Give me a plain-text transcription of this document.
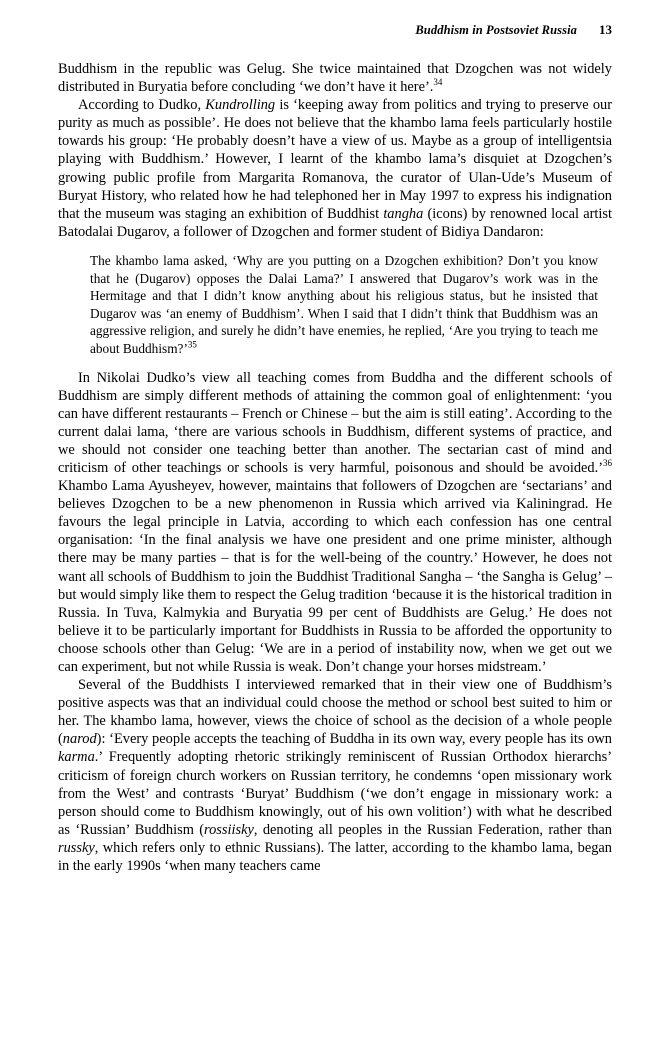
Buddhism in Postsoviet Russia 13

Buddhism in the republic was Gelug. She twice maintained that Dzogchen was not widely distributed in Buryatia before concluding ‘we don’t have it here’.$^{34}$

According to Dudko, Kundrolling is ‘keeping away from politics and trying to preserve our purity as much as possible’. He does not believe that the khambo lama feels particularly hostile towards his group: ‘He probably doesn’t have a view of us. Maybe as a group of intelligentsia playing with Buddhism.’ However, I learnt of the khambo lama’s disquiet at Dzogchen’s growing public profile from Margarita Romanova, the curator of Ulan-Ude’s Museum of Buryat History, who related how he had telephoned her in May 1997 to express his indignation that the museum was staging an exhibition of Buddhist tangha (icons) by renowned local artist Batodalai Dugarov, a follower of Dzogchen and former student of Bidiya Dandaron:

The khambo lama asked, ‘Why are you putting on a Dzogchen exhibition? Don’t you know that he (Dugarov) opposes the Dalai Lama?’ I answered that Dugarov’s work was in the Hermitage and that I didn’t know anything about his religious status, but he insisted that Dugarov was ‘an enemy of Buddhism’. When I said that I didn’t think that Buddhism was an aggressive religion, and surely he didn’t have enemies, he replied, ‘Are you trying to teach me about Buddhism?’$^{35}$

In Nikolai Dudko’s view all teaching comes from Buddha and the different schools of Buddhism are simply different methods of attaining the common goal of enlightenment: ‘you can have different restaurants – French or Chinese – but the aim is still eating’. According to the current dalai lama, ‘there are various schools in Buddhism, different systems of practice, and we should not consider one teaching better than another. The sectarian cast of mind and criticism of other teachings or schools is very harmful, poisonous and should be avoided.’$^{36}$ Khambo Lama Ayusheyev, however, maintains that followers of Dzogchen are ‘sectarians’ and believes Dzogchen to be a new phenomenon in Russia which arrived via Kaliningrad. He favours the legal principle in Latvia, according to which each confession has one central organisation: ‘In the final analysis we have one president and one prime minister, although there may be many parties – that is for the well-being of the country.’ However, he does not want all schools of Buddhism to join the Buddhist Traditional Sangha – ‘the Sangha is Gelug’ – but would simply like them to respect the Gelug tradition ‘because it is the historical tradition in Russia. In Tuva, Kalmykia and Buryatia 99 per cent of Buddhists are Gelug.’ He does not believe it to be particularly important for Buddhists in Russia to be afforded the opportunity to choose schools other than Gelug: ‘We are in a period of instability now, when we get out we can experiment, but not while Russia is weak. Don’t change your horses midstream.’

Several of the Buddhists I interviewed remarked that in their view one of Buddhism’s positive aspects was that an individual could choose the method or school best suited to him or her. The khambo lama, however, views the choice of school as the decision of a whole people (narod): ‘Every people accepts the teaching of Buddha in its own way, every people has its own karma.’ Frequently adopting rhetoric strikingly reminiscent of Russian Orthodox hierarchs’ criticism of foreign church workers on Russian territory, he condemns ‘open missionary work from the West’ and contrasts ‘Buryat’ Buddhism (‘we don’t engage in missionary work: a person should come to Buddhism knowingly, out of his own volition’) with what he described as ‘Russian’ Buddhism (rossiisky, denoting all peoples in the Russian Federation, rather than russky, which refers only to ethnic Russians). The latter, according to the khambo lama, began in the early 1990s ‘when many teachers came
